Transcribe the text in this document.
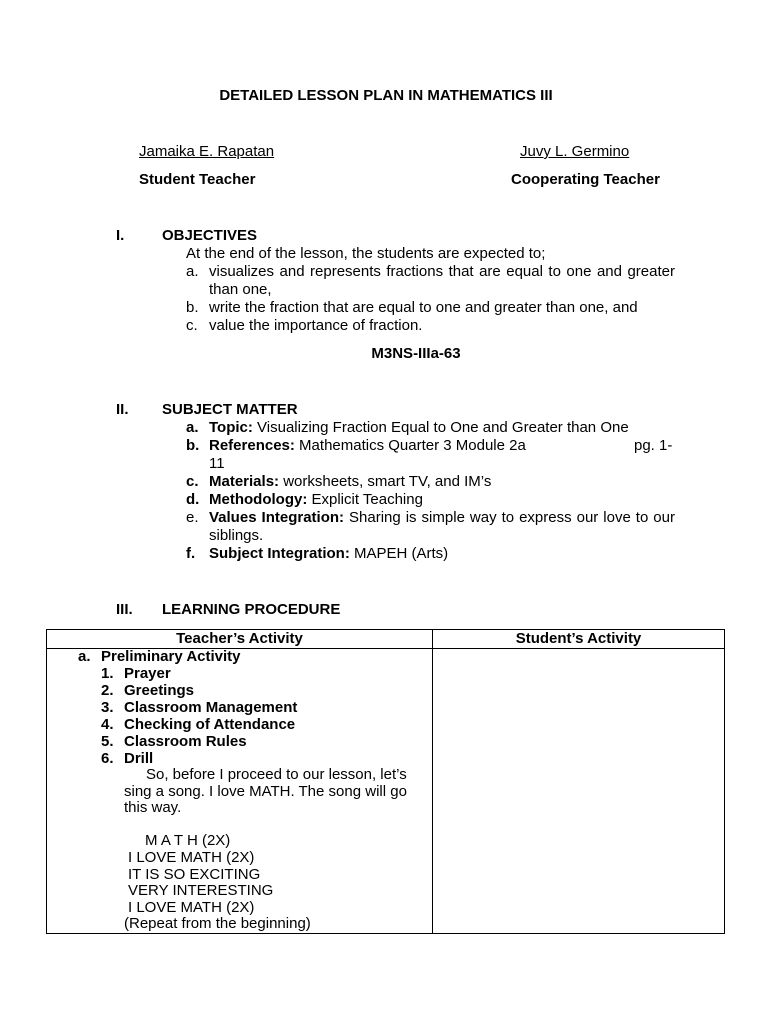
DETAILED LESSON PLAN IN MATHEMATICS III
Jamaika E. Rapatan	Juvy L. Germino
Student Teacher	Cooperating Teacher
I.	OBJECTIVES
At the end of the lesson, the students are expected to;
a. visualizes and represents fractions that are equal to one and greater than one,
b. write the fraction that are equal to one and greater than one, and
c. value the importance of fraction.
M3NS-IIIa-63
II.	SUBJECT MATTER
a. Topic: Visualizing Fraction Equal to One and Greater than One
b. References: Mathematics Quarter 3 Module 2a	pg. 1-
11
c. Materials: worksheets, smart TV, and IM’s
d. Methodology: Explicit Teaching
e. Values Integration: Sharing is simple way to express our love to our siblings.
f. Subject Integration: MAPEH (Arts)
III.	LEARNING PROCEDURE
Teacher’s Activity	Student’s Activity
a. Preliminary Activity
1. Prayer
2. Greetings
3. Classroom Management
4. Checking of Attendance
5. Classroom Rules
6. Drill
So, before I proceed to our lesson, let’s sing a song. I love MATH. The song will go this way.
M A T H (2X)
I LOVE MATH (2X)
IT IS SO EXCITING
VERY INTERESTING
I LOVE MATH (2X)
(Repeat from the beginning)
